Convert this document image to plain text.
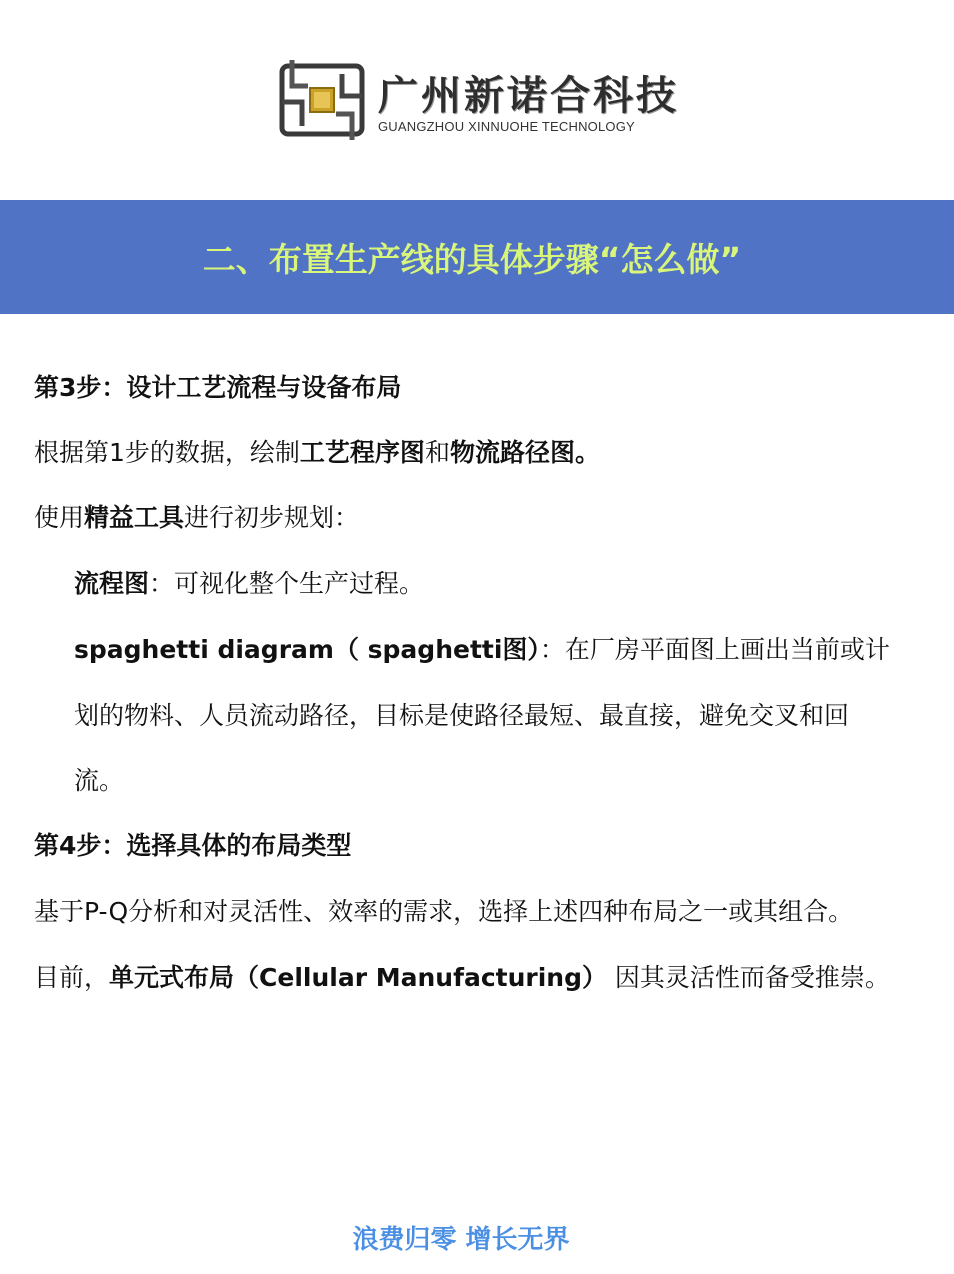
广州新诺合科技
GUANGZHOU XINNUOHE TECHNOLOGY
二、布置生产线的具体步骤“怎么做”
第3步：设计工艺流程与设备布局
根据第1步的数据，绘制工艺程序图和物流路径图。
使用精益工具进行初步规划：
流程图：可视化整个生产过程。
spaghetti diagram（ spaghetti图）：在厂房平面图上画出当前或计
划的物料、人员流动路径，目标是使路径最短、最直接，避免交叉和回
流。
第4步：选择具体的布局类型
基于P-Q分析和对灵活性、效率的需求，选择上述四种布局之一或其组合。
目前，单元式布局（Cellular Manufacturing） 因其灵活性而备受推崇。
浪费归零 增长无界
